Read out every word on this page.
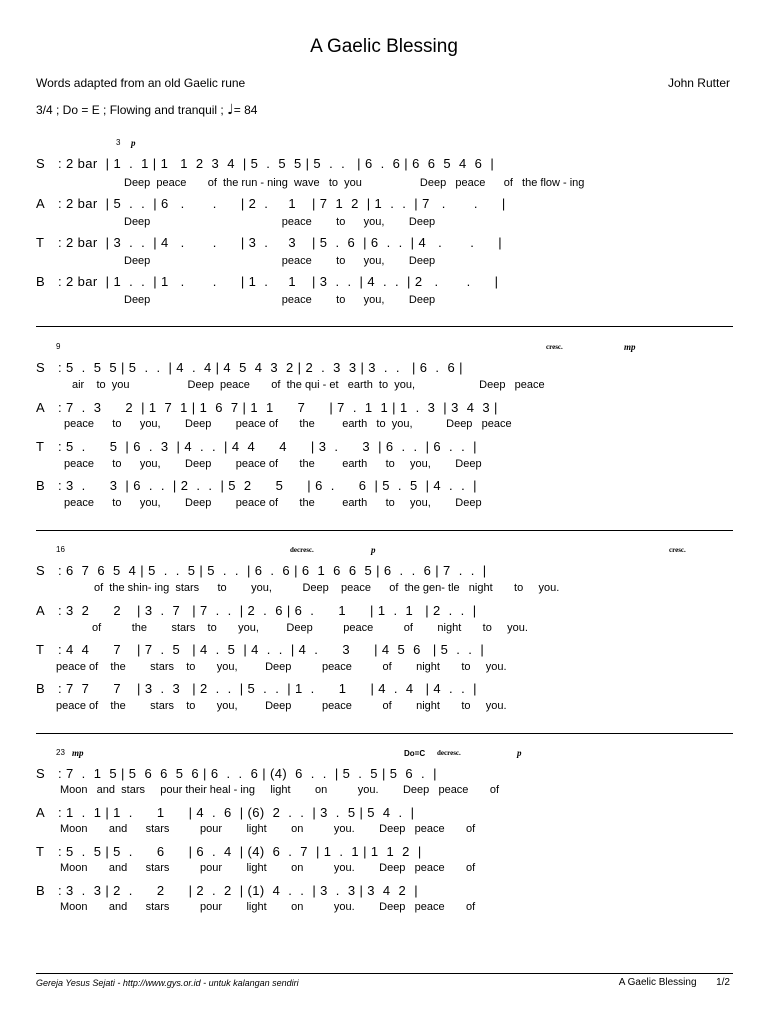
A Gaelic Blessing
Words adapted from an old Gaelic rune	John Rutter
3/4 ; Do = E ; Flowing and tranquil ; ♩= 84
3 p
S	: 2 bar  | 1  .  1 | 1   1  2  3  4  | 5  .  5  5 | 5  .  .   | 6  .  6 | 6  6  5  4  6  |
Deep  peace       of  the run - ning  wave   to  you                   Deep   peace      of   the flow - ing
A	: 2 bar  | 5  .  .  | 6   .       .      | 2  .     1    | 7  1  2  | 1  .  .  | 7   .       .      |
Deep                                           peace        to      you,        Deep
T	: 2 bar  | 3  .  .  | 4   .       .      | 3  .     3    | 5  .  6  | 6  .  .  | 4   .       .      |
Deep                                           peace        to      you,        Deep
B	: 2 bar  | 1  .  .  | 1   .       .      | 1  .     1    | 3  .  .  | 4  .  .  | 2   .       .      |
Deep                                           peace        to      you,        Deep
9	cresc.	mp
S	: 5  .  5  5 | 5  .  .  | 4  .  4 | 4  5  4  3  2 | 2  .  3  3 | 3  .  .   | 6  .  6 |
air    to  you                   Deep  peace       of  the qui - et   earth  to  you,                     Deep   peace
A	: 7  .  3      2  | 1  7  1 | 1  6  7 | 1  1      7      | 7  .  1  1 | 1  .  3  | 3  4  3 |
peace      to      you,        Deep        peace of       the         earth   to  you,           Deep   peace
T	: 5  .      5  | 6  .  3  | 4  .  .  | 4  4      4      | 3  .      3  | 6  .  .  | 6  .  .  |
peace      to      you,        Deep        peace of       the         earth      to     you,        Deep
B	: 3  .      3  | 6  .  .  | 2  .  .  | 5  2      5      | 6  .      6  | 5  .  5  | 4  .  .  |
peace      to      you,        Deep        peace of       the         earth      to     you,        Deep
16	decresc.	p	cresc.
S	: 6  7  6  5  4 | 5  .  .  5 | 5  .  .  | 6  .  6 | 6  1  6  6  5 | 6  .  .  6 | 7  .  .  |
of  the shin- ing  stars      to        you,          Deep    peace      of  the gen- tle   night       to     you.
A	: 3  2      2    | 3  .  7   | 7  .  .  | 2  .  6 | 6  .      1      | 1  .  1   | 2  .  .  |
of          the        stars    to       you,         Deep          peace          of        night       to     you.
T	: 4  4      7    | 7  .  5   | 4  .  5  | 4  .  .  | 4  .      3      | 4  5  6   | 5  .  .  |
peace of    the        stars    to       you,         Deep          peace          of        night       to     you.
B	: 7  7      7    | 3  .  3   | 2  .  .  | 5  .  .  | 1  .      1      | 4  .  4   | 4  .  .  |
peace of    the        stars    to       you,         Deep          peace          of        night       to     you.
23 mp	Do=C decresc.	p
S	: 7  .  1  5 | 5  6  6  5  6 | 6  .  .  6 | (4)  6  .  .  | 5  .  5 | 5  6  .  |
Moon   and  stars     pour their heal - ing     light        on          you.        Deep   peace       of
A	: 1  .  1 | 1  .      1      | 4  .  6  | (6)  2  .  .  | 3  .  5 | 5  4  .  |
Moon       and      stars          pour        light        on          you.        Deep   peace       of
T	: 5  .  5 | 5  .      6      | 6  .  4  | (4)  6  .  7  | 1  .  1 | 1  1  2  |
Moon       and      stars          pour        light        on          you.        Deep   peace       of
B	: 3  .  3 | 2  .      2      | 2  .  2  | (1)  4  .  .  | 3  .  3 | 3  4  2  |
Moon       and      stars          pour        light        on          you.        Deep   peace       of
Gereja Yesus Sejati - http://www.gys.or.id - untuk kalangan sendiri	A Gaelic Blessing 1/2
